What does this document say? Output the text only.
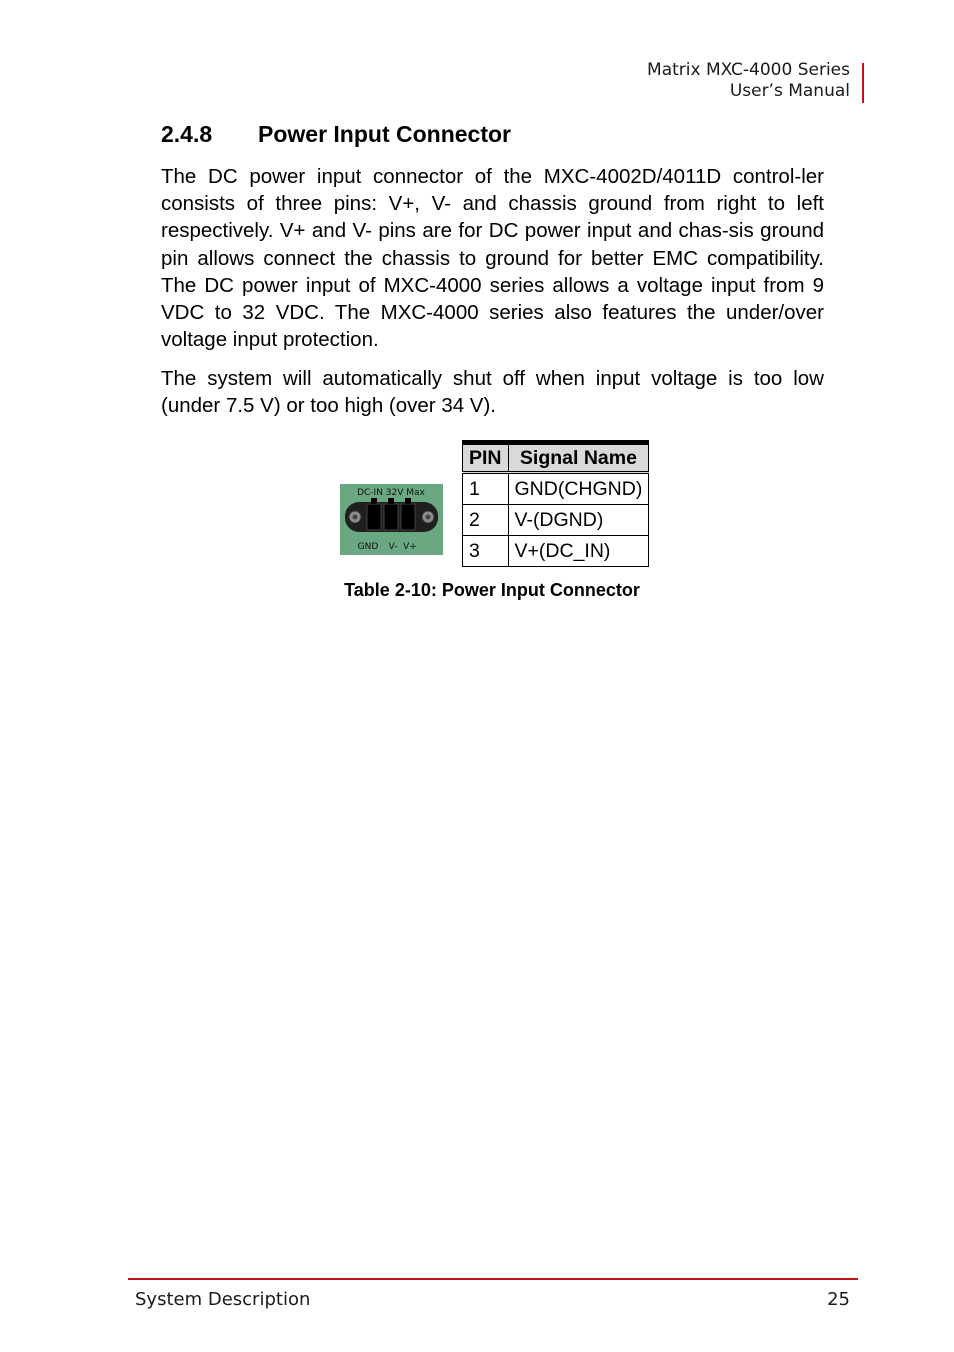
Matrix MXC-4000 Series
User’s Manual
2.4.8	Power Input Connector

The DC power input connector of the MXC-4002D/4011D control-ler consists of three pins: V+, V- and chassis ground from right to left respectively. V+ and V- pins are for DC power input and chas-sis ground pin allows connect the chassis to ground for better EMC compatibility. The DC power input of MXC-4000 series allows a voltage input from 9 VDC to 32 VDC. The MXC-4000 series also features the under/over voltage input protection.

The system will automatically shut off when input voltage is too low (under 7.5 V) or too high (over 34 V).

DC-IN 32V Max
GND V- V+
PIN	Signal Name
1	GND(CHGND)
2	V-(DGND)
3	V+(DC_IN)
Table 2-10: Power Input Connector
System Description	25
